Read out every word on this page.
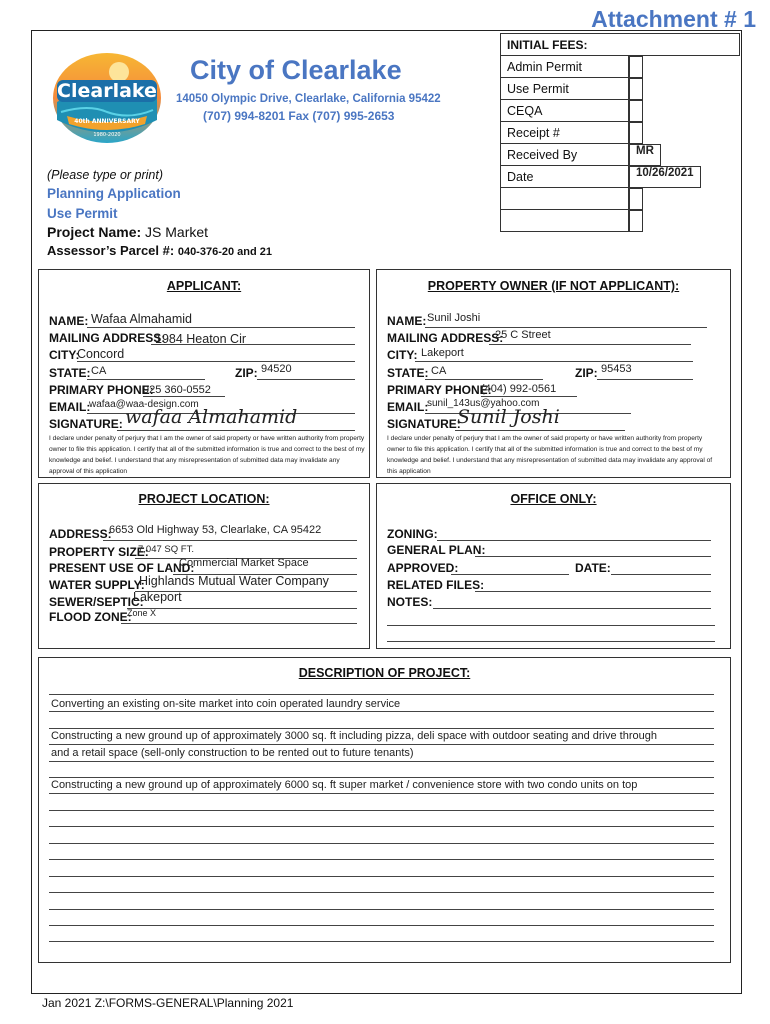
Attachment # 1
INITIAL FEES:
Admin Permit	

Use Permit	

CEQA	

Receipt #	

Received By		MR

Date		10/26/2021

Clearlake
40th ANNIVERSARY
1980-2020
City of Clearlake
14050 Olympic Drive, Clearlake, California 95422
(707) 994-8201 Fax (707) 995-2653
(Please type or print)
Planning Application
Use Permit
Project Name: JS Market
Assessor’s Parcel #: 040-376-20 and 21
APPLICANT:
NAME: Wafaa Almahamid
MAILING ADDRESS:
1984 Heaton Cir
CITY:
Concord
STATE: CA	ZIP: 94520
PRIMARY PHONE:
925 360-0552
EMAIL:
wafaa@waa-design.com
SIGNATURE: wafaa Almahamid
I declare under penalty of perjury that I am the owner of said property or have written authority from property owner to file this application. I certify that all of the submitted information is true and correct to the best of my knowledge and belief. I understand that any misrepresentation of submitted data may invalidate any approval of this application
PROPERTY OWNER (IF NOT APPLICANT):
NAME: Sunil Joshi
MAILING ADDRESS:
25 C Street
CITY: Lakeport
STATE: CA	ZIP: 95453
PRIMARY PHONE:
(404) 992-0561
EMAIL:
sunil_143us@yahoo.com
SIGNATURE:
Sunil Joshi
I declare under penalty of perjury that I am the owner of said property or have written authority from property owner to file this application. I certify that all of the submitted information is true and correct to the best of my knowledge and belief. I understand that any misrepresentation of submitted data may invalidate any approval of this application
PROJECT LOCATION:
ADDRESS:
6653 Old Highway 53, Clearlake, CA 95422
PROPERTY SIZE:
7,047 SQ FT.
PRESENT USE OF LAND:
Commercial Market Space
WATER SUPPLY:
Highlands Mutual Water Company
SEWER/SEPTIC:
Lakeport
FLOOD ZONE:
Zone X
OFFICE ONLY:
ZONING:
GENERAL PLAN:
APPROVED:	DATE:
RELATED FILES:
NOTES:
DESCRIPTION OF PROJECT:
Converting an existing on-site market into coin operated laundry service
Constructing a new ground up of approximately 3000 sq. ft including pizza, deli space with outdoor seating and drive through
and a retail space (sell-only construction to be rented out to future tenants)
Constructing a new ground up of approximately 6000 sq. ft super market / convenience store with two condo units on top
Jan 2021 Z:\FORMS-GENERAL\Planning 2021
